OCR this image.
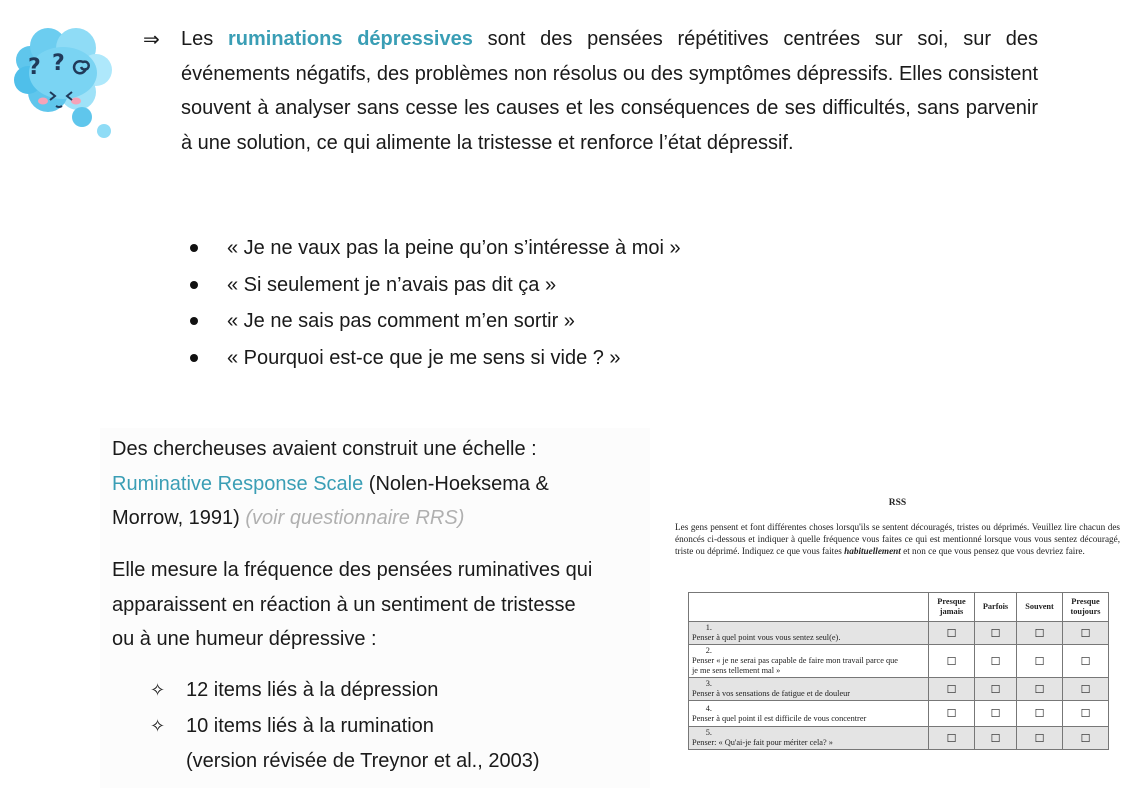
? ?
⇒ Les ruminations dépressives sont des pensées répétitives centrées sur soi, sur des événements négatifs, des problèmes non résolus ou des symptômes dépressifs. Elles consistent souvent à analyser sans cesse les causes et les conséquences de ses difficultés, sans parvenir à une solution, ce qui alimente la tristesse et renforce l’état dépressif.

« Je ne vaux pas la peine qu’on s’intéresse à moi »
« Si seulement je n’avais pas dit ça »
« Je ne sais pas comment m’en sortir »
« Pourquoi est-ce que je me sens si vide ? »
Des chercheuses avaient construit une échelle :
Ruminative Response Scale (Nolen-Hoeksema &
Morrow, 1991) (voir questionnaire RRS)
Elle mesure la fréquence des pensées ruminatives qui
apparaissent en réaction à un sentiment de tristesse
ou à une humeur dépressive :
✧ 12 items liés à la dépression
✧ 10 items liés à la rumination
(version révisée de Treynor et al., 2003)
RSS

Les gens pensent et font différentes choses lorsqu'ils se sentent découragés, tristes ou déprimés. Veuillez lire chacun des énoncés ci-dessous et indiquer à quelle fréquence vous faites ce qui est mentionné lorsque vous vous sentez découragé, triste ou déprimé. Indiquez ce que vous faites habituellement et non ce que vous pensez que vous devriez faire.

	Presque jamais	Parfois	Souvent	Presque toujours
1.Penser à quel point vous vous sentez seul(e).	☐	☐	☐	☐
2.Penser « je ne serai pas capable de faire mon travail parce que je me sens tellement mal »	☐	☐	☐	☐
3.Penser à vos sensations de fatigue et de douleur	☐	☐	☐	☐
4.Penser à quel point il est difficile de vous concentrer	☐	☐	☐	☐
5.Penser: « Qu'ai-je fait pour mériter cela? »	☐	☐	☐	☐
